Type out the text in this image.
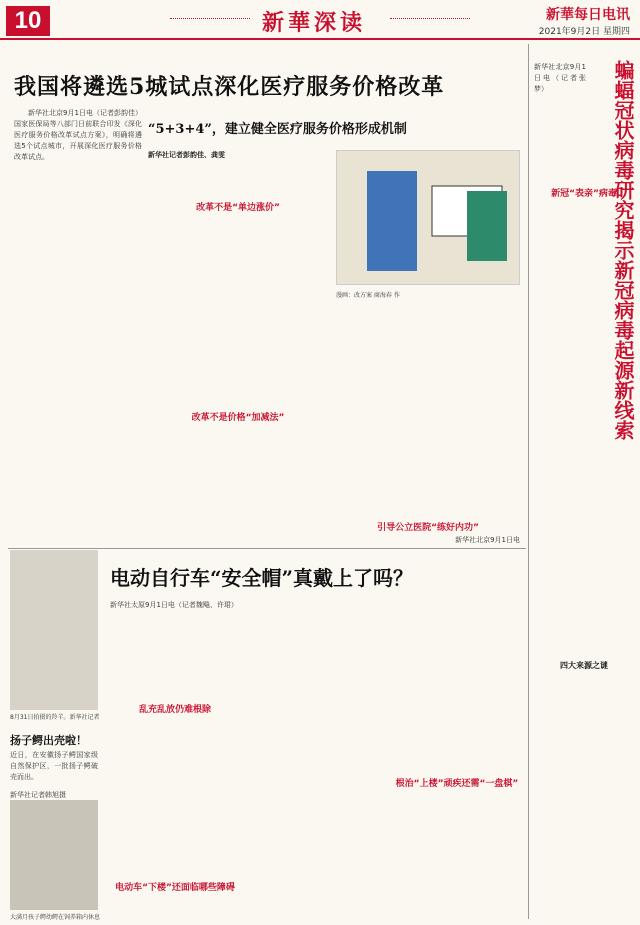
10	新華深读	新華每日电讯
2021年9月2日 星期四
我国将遴选5城试点深化医疗服务价格改革

新华社北京9月1日电（记者彭韵佳）国家医保局等八部门日前联合印发《深化医疗服务价格改革试点方案》，明确将遴选5个试点城市，开展深化医疗服务价格改革试点。

“5+3+4”，建立健全医疗服务价格形成机制
新华社记者彭韵佳、龚雯
漫画：改方案 商海春 作
改革不是“单边涨价”
改革不是价格“加减法”
引导公立医院“练好内功”
新华社北京9月1日电
8月31日拍摄的羚羊。新华社记者
扬子鳄出壳啦！
近日，在安徽扬子鳄国家级自然保护区，一批扬子鳄破壳而出。
新华社记者韩旭摄
大满月孩子鳄幼鳄在饲养箱内休息
电动自行车“安全帽”真戴上了吗？
新华社太原9月1日电（记者魏飚、许珺）
乱充乱放仍难根除
电动车“下楼”还面临哪些障碍
根治“上楼”顽疾还需“一盘棋”
新华社北京9月1日电（记者张梦）	蝙蝠冠状病毒研究揭示新冠病毒起源新线索
新冠“表亲”病毒
四大来源之谜
